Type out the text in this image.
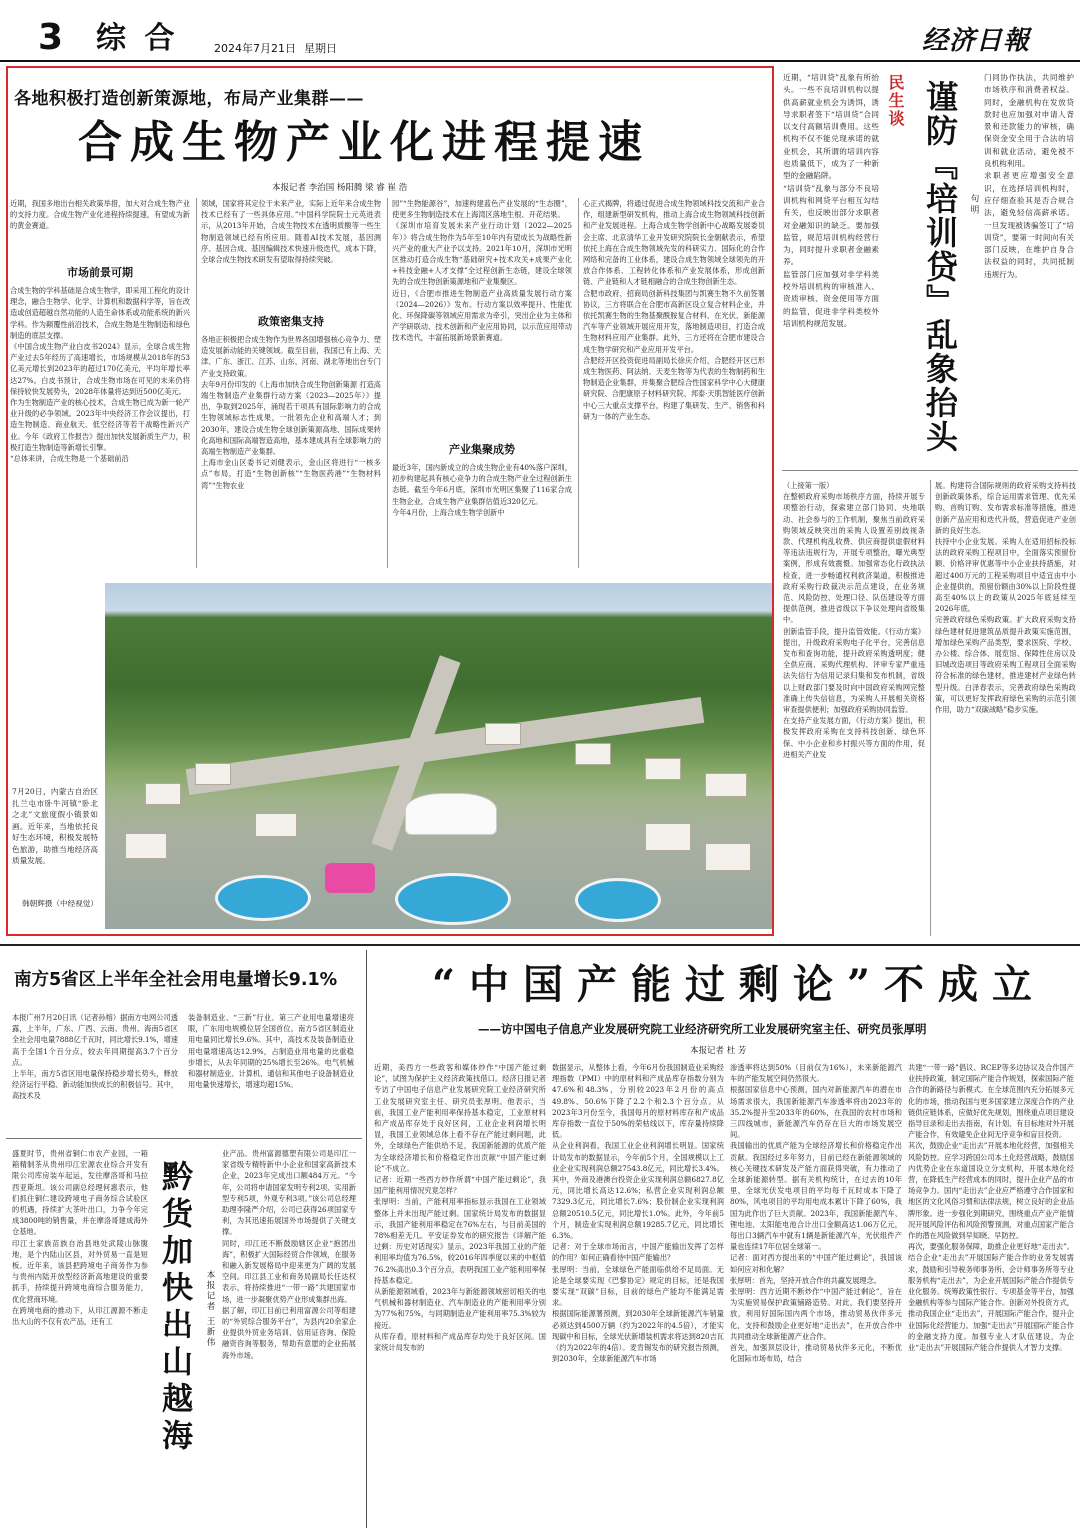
3 综 合	2024年7月21日 星期日	经济日報
各地积极打造创新策源地，布局产业集群——
合成生物产业化进程提速
本报记者 李治国 杨阳腾 梁 睿 崔 浩
近期，我国多地出台相关政策举措，加大对合成生物产业的支持力度。合成生物产业化进程持续提速，有望成为新的黄金赛道。
市场前景可期
合成生物的学科基础是合成生物学，即采用工程化的设计理念，融合生物学、化学、计算机和数据科学等，旨在改造或创造超越自然功能的人造生命体系或功能系统的新兴学科。作为颠覆性前沿技术，合成生物是生物制造和绿色制造的底层支撑。
《中国合成生物产业白皮书2024》显示，全球合成生物产业过去5年经历了高速增长，市场规模从2018年的53亿美元增长到2023年的超过170亿美元，平均年增长率达27%。白皮书预计，合成生物市场在可见的未来仍将保持较快发展势头，2028年体量将达到近500亿美元。
作为生物制造产业的核心技术，合成生物已成为新一轮产业升级的必争领域。2023年中央经济工作会议提出，打造生物制造、商业航天、低空经济等若干战略性新兴产业。今年《政府工作报告》提出加快发展新质生产力，积极打造生物制造等新增长引擎。
“总体来讲，合成生物是一个基础前沿
领域，国家将其定位于未来产业，实际上近年来合成生物技术已经有了一些具体应用。”中国科学院院士元英进表示，从2013年开始，合成生物技术在透明质酸等一些生物制造领域已经有所应用。随着AI技术发展，基因测序、基因合成、基因编辑技术快速升级迭代，成本下降，全球合成生物技术研发有望取得持续突破。
政策密集支持
各地正积极把合成生物作为世界各国增强核心竞争力、塑造发展新动能的关键领域。截至目前，我国已有上海、天津、广东、浙江、江苏、山东、河南、湖北等地出台专门产业支持政策。
去年9月份印发的《上海市加快合成生物创新策源 打造高端生物制造产业集群行动方案（2023—2025年）》提出，争取到2025年，涌现若干项具有国际影响力的合成生物领域标志性成果，一批领先企业和高端人才；到2030年，建设合成生物全球创新策源高地、国际成果转化高地和国际高端智造高地，基本建成具有全球影响力的高端生物制造产业集群。
上海市金山区委书记刘健表示，金山区将进行“一核多点”布局，打造“生物创新核”“生物医药港”“生物材料湾”“生物农业
园”“生物能源谷”，加速构建蓝色产业发展的“生态圈”，使更多生物制造技术在上海湾区落地生根、开花结果。
《深圳市培育发展未来产业行动计划（2022—2025年）》将合成生物作为5年至10年内有望成长为战略性新兴产业的重大产业予以支持。2021年10月，深圳市光明区推动打造合成生物“基础研究+技术攻关+成果产业化+科技金融+人才支撑”全过程创新生态链，建设全球领先的合成生物创新策源地和产业集聚区。
近日，《合肥市推进生物制造产业高质量发展行动方案（2024—2026）》发布。行动方案以效率提升、性能优化、环保降碳等领域应用需求为牵引，突出企业为主体和产学研联动、技术创新和产业应用协同，以示范应用带动技术迭代，丰富拓展新场景新赛道。
产业集聚成势
最近3年，国内新成立的合成生物企业有40%落户深圳，初步构建起具有核心竞争力的合成生物产业全过程创新生态链。截至今年6月底，深圳市光明区集聚了116家合成生物企业，合成生物产业集群估值近320亿元。
今年4月份，上海合成生物学创新中
心正式揭牌，将通过促进合成生物领域科技交流和产业合作，组建新型研发机构，推动上海合成生物领域科技创新和产业发展进程。上海合成生物学创新中心战略发展委员会主席、北京清华工业开发研究院院长金朝献表示，希望依托上海在合成生物领域先发的科研实力、国际化的合作网络和完备的工业体系，建设合成生物领域全球领先的开放合作体系、工程转化体系和产业发展体系，形成创新链、产业链和人才链相融合的合成生物创新生态。
合肥市政府、招商局创新科技集团与凯赛生物不久前签署协议，三方将联合在合肥市高新区设立复合材料企业，并依托凯赛生物的生物基聚酰胺复合材料、在光伏、新能源汽车等产业领域开展应用开发，落地制造项目，打造合成生物材料应用产业集群。此外，三方还将在合肥市建设合成生物学研究和产业应用开发平台。
合肥经开区投资促进局副局长徐庆介绍，合肥经开区已形成生物医药、阿法纳、天麦生物等为代表的生物制药和生物制造企业集群，并集聚合肥综合性国家科学中心大健康研究院、合肥康原子材料研究院、邦泰·天肌智能医疗创新中心三大重点支撑平台，构建了集研发、生产、销售和科研为一体的产业生态。
7月20日，内蒙古自治区扎兰屯市卧牛河镇“卧北之北”文旅度假小镇景如画。近年来，当地依托良好生态环境，积极发展特色旅游，助推当地经济高质量发展。
韩朝辉摄（中经视觉）
近期，“培训贷”乱象有所抬头。一些不良培训机构以提供高薪就业机会为诱饵，诱导求职者签下“培训贷”合同以支付高额培训费用。这些机构不仅不能兑现承诺的就业机会，其所谓的培训内容也质量低下，成为了一种新型的金融陷阱。
“培训贷”乱象与部分不良培训机构和网贷平台相互勾结有关，也反映出部分求职者对金融知识的缺乏。要加强监管，规范培训机构经营行为，同时提升求职者金融素养。
监管部门应加强对非学科类校外培训机构的审核准入、资质审核、资金使用等方面的监管，促进非学科类校外培训机构规范发展。
民生谈 谨防『培训贷』乱象抬头 句 明
门同协作执法，共同维护市场秩序和消费者权益。同时，金融机构在发放贷款时也应加强对申请人背景和还款能力的审核，确保资金安全用于合法的培训和就业活动，避免被不良机构利用。
求职者更应增强安全意识，在选择培训机构时，应仔细查验其是否合规合法，避免轻信高薪承诺。一旦发现被诱骗签订了“培训贷”，要第一时间向有关部门反映，在维护自身合法权益的同时，共同抵制违规行为。
（上接第一版）
在整顿政府采购市场秩序方面，持续开展专项整治行动，探索建立部门协同、央地联动、社会参与的工作机制，聚焦当前政府采购领域反映突出的采购人设置差别歧视条款、代理机构乱收费、供应商提供虚假材料等违法违规行为，开展专项整治，曝光典型案例，形成有效震慑。加强常态化行政执法检查，进一步畅通权利救济渠道，积极推进政府采购行政裁决示范点建设，在业务规范、风险防控、处理口径、队伍建设等方面提供范例，推进省级以下争议处理向省级集中。
创新监管手段，提升监管效能。《行动方案》提出，升级政府采购电子化平台，完善信息发布和查询功能，提升政府采购透明度；健全供应商、采购代理机构、评审专家严重违法失信行为信用记录归集和发布机制，省级以上财政部门要及时向中国政府采购网完整准确上传失信信息，为采购人开展相关资格审查提供便利；加强政府采购协同监管。
在支持产业发展方面，《行动方案》提出，积极发挥政府采购在支持科技创新、绿色环保、中小企业和乡村振兴等方面的作用，促进相关产业发
展。构建符合国际规则的政府采购支持科技创新政策体系，综合运用需求管理、优先采购、首购订购、发布需求标准等措施，推进创新产品应用和迭代升级，营造促进产业创新的良好生态。
扶持中小企业发展。采购人在适用招标投标法的政府采购工程项目中，全面落实预留份额、价格评审优惠等中小企业扶持措施，对超过400万元的工程采购项目中适宜由中小企业提供的，预留份额由30%以上阶段性提高至40%以上的政策从2025年底延续至2026年底。
完善政府绿色采购政策。扩大政府采购支持绿色建材促进建筑品质提升政策实施范围，增加绿色采购产品类型，要求医院、学校、办公楼、综合体、展览馆、保障性住房以及旧城改造项目等政府采购工程项目全面采购符合标准的绿色建材，推进建材产业绿色转型升级。白泽春表示，完善政府绿色采购政策，可以更好发挥政府绿色采购的示范引领作用，助力“双碳战略”稳步实施。
南方5省区上半年全社会用电量增长9.1%
本报广州7月20日讯（记者孙榕）据南方电网公司透露，上半年，广东、广西、云南、贵州、海南5省区全社会用电量7888亿千瓦时，同比增长9.1%，增速高于全国1个百分点，较去年同期提高3.7个百分点。
上半年，南方5省区用电量保持稳步增长势头，释放经济运行平稳、新动能加快成长的积极信号。其中，高技术及
装备制造业、“三新”行业、第三产业用电量增速亮眼，广东用电规模位居全国首位。南方5省区制造业用电量同比增长9.6%。其中，高技术及装备制造业用电量增速高达12.9%，占制造业用电量的比重稳步增长，从去年同期的25%增长至26%。电气机械和器材制造业、计算机、通信和其他电子设备制造业用电量快速增长，增速均超15%。
盛夏时节，贵州省铜仁市农产业园，一箱箱精制茶从贵州印江宏源农业综合开发有限公司库房装车起运，发往摩洛哥和马拉西亚斯坦。该公司副总经理何惠表示，他们抓住铜仁建设跨境电子商务综合试验区的机遇，持续扩大茶叶出口，力争今年完成3800吨的销售量，并在摩洛哥建成海外仓基地。
印江土家族苗族自治县地处武陵山脉腹地，是个内陆山区县，对外贸易一直是短板。近年来，该县把跨境电子商务作为参与贵州内陆开放型经济新高地建设的重要抓手，持续提升跨境电商综合服务能力，优化营商环境。
在跨境电商的推动下，从印江源源不断走出大山的不仅有农产品，还有工	黔货加快出山越海 本报记者 王新伟
业产品。贵州富源德塑有限公司是印江一家省级专精特新中小企业和国家高新技术企业，2023年完成出口额484万元。“今年，公司将申请国家发明专利2项、实用新型专利5项，外观专利3项。”该公司总经理助理李隆严介绍，公司已获得26项国家专利，为其迅速拓展国外市场提供了关键支撑。
同时，印江还不断鼓励辖区企业“抱团出海”，积极扩大国际经贸合作领域，在服务和融入新发展格局中迎来更为广阔的发展空间。印江县工业和商务局副局长任达权表示，将持续推进“一带一路”共建国家市场，进一步凝聚优势产业形成集群出海。
据了解，印江目前已利用富源公司等组建的“外贸综合服务平台”，为县内20余家企业提供外贸业务培训、信用证咨询、保险融资咨询等服务，帮助有意愿的企业拓展海外市场。
“中国产能过剩论”不成立
——访中国电子信息产业发展研究院工业经济研究所工业发展研究室主任、研究员张厚明
本报记者 杜 芳
近期，美西方一些政客和媒体炒作“中国产能过剩论”，试图为保护主义经济政策找借口。经济日报记者专访了中国电子信息产业发展研究院工业经济研究所工业发展研究室主任、研究员张厚明。他表示，当前，我国工业产能利用率保持基本稳定，工业原材料和产成品库存处于良好区间，工业企业利润增长明显，我国工业领域总体上看不存在产能过剩问题，此外，全球绿色产能供给不足，我国新能源的优质产能为全球经济增长和价格稳定作出贡献“中国产能过剩论”不成立。
记者：近期一些西方炒作所谓“中国产能过剩论”，我国产能利用情况究竟怎样？
张厚明：当前，产能利用率指标显示我国在工业领域整体上并未出现产能过剩。国家统计局发布的数据显示，我国产能利用率稳定在76%左右，与目前美国的78%相差无几。平安证券发布的研究报告《详解产能过剩：历史对话现实》显示，2023年我国工业的产能利用率均值为76.5%，较2016年四季度以来的中枢值76.2%高出0.3个百分点，表明我国工业产能利用率保持基本稳定。
从新能源领域看，2023年与新能源领域密切相关的电气机械和器材制造业、汽车制造业的产能利用率分别为77%和75%，与同期制造业产能利用率75.3%较为接近。
从库存看，原材料和产成品库存均处于良好区间。国家统计局发布的
数据显示，从整体上看，今年6月份我国制造业采购经理指数（PMI）中的原材料和产成品库存指数分别为47.6%和48.3%，分别较2023年2月份的高点49.8%、50.6%下降了2.2个和2.3个百分点。从2023年3月份至今，我国每月的原材料库存和产成品库存指数一直位于50%的荣枯线以下，库存量持续降低。
从企业利润看，我国工业企业利润增长明显。国家统计局发布的数据显示，今年前5个月，全国规模以上工业企业实现利润总额27543.8亿元，同比增长3.4%。其中，外商及港澳台投资企业实现利润总额6827.8亿元，同比增长高达12.6%；私营企业实现利润总额7329.3亿元，同比增长7.6%；股份制企业实现利润总额20510.5亿元，同比增长1.0%。此外，今年前5个月，制造业实现利润总额19285.7亿元，同比增长6.3%。
记者：对于全球市场而言，中国产能输出发挥了怎样的作用？如何正确看待中国产能输出？
张厚明：当前，全球绿色产能面临供给不足局面。无论是全球要实现《巴黎协定》规定的目标，还是我国要实现“双碳”目标，目前的绿色产能均不能满足需求。
根据国际能源署预测，到2030年全球新能源汽车销量必须达到4500万辆（约为2022年的4.5倍），才能实现碳中和目标，全球光伏新增装机需求将达到820吉瓦（约为2022年的4倍）。麦肯锡发布的研究报告预测，到2030年，全球新能源汽车市场
渗透率将达到50%（目前仅为16%），未来新能源汽车的产能发展空间仍然很大。
根据国家信息中心预测，国内对新能源汽车的潜在市场需求很大，我国新能源汽车渗透率将由2023年的35.2%提升至2033年的60%，在我国的农村市场和三四线城市，新能源汽车仍存在巨大的市场发展空间。
我国输出的优质产能为全球经济增长和价格稳定作出贡献。我国经过多年努力，目前已经在新能源领域的核心关键技术研发及产能方面获得突破，有力推动了全球新能源转型。据有关机构统计，在过去的10年里，全球光伏发电项目的平均每千瓦时成本下降了80%，风电项目的平均用电成本累计下降了60%，我国为此作出了巨大贡献。2023年，我国新能源汽车、锂电池、太阳能电池合计出口金额高达1.06万亿元，每出口3辆汽车中就有1辆是新能源汽车，光伏组件产量也连续17年位居全球第一。
记者：面对西方提出来的“中国产能过剩论”，我国该如何应对和化解？
张厚明：首先，坚持开放合作的共赢发展理念。
张厚明：西方近期不断炒作“中国产能过剩论”，旨在为实施贸易保护政策铺路造势。对此，我们要坚持开放，利用好国际国内两个市场，推动贸易伙伴多元化，支持和鼓励企业更好地“走出去”，在开放合作中共同推动全球新能源产业合作。
首先，加强顶层设计，推动贸易伙伴多元化，不断优化国际市场布局，结合
共建“一带一路”倡议、RCEP等多边协议及合作国产业扶持政策，制定国际产能合作规划，探索国际产能合作的新路径与新模式。在全球范围内充分拓展多元化的市场，推动我国与更多国家建立深度合作的产业链供应链体系，应做好优先规划，围绕重点项目建设指导目录和走出去指南，有计划、有目标地对外开展产能合作，有效避免企业间无序竞争和盲目投资。
其次，鼓励企业“走出去”开展本地化经营，加强相关风险防控。应学习跨国公司本土化经营战略，鼓励国内优势企业在东道国设立分支机构，开展本地化经营，在降低生产经营成本的同时，提升企业产品的市场竞争力。国内“走出去”企业应严格遵守合作国家和地区的文化风俗习惯和法律法规，树立良好的企业品牌形象。进一步强化到期研究，围绕重点产业产能情况开展风险评估和风险预警预测，对重点国家产能合作的潜在风险做到早知晓、早防控。
再次，要强化服务保障，助推企业更好地“走出去”。结合企业“走出去”开展国际产能合作的业务发展需求，鼓励和引导税务师事务所、会计师事务所等专业服务机构“走出去”，为企业开展国际产能合作提供专业化服务。统筹政策性银行、专项基金等平台，加强金融机构等参与国际产能合作。创新对外投资方式，推动我国企业“走出去”，开展国际产能合作，提升企业国际化经营能力。加强“走出去”开展国际产能合作的金融支持力度。加强专业人才队伍建设，为企业“走出去”开展国际产能合作提供人才智力支撑。
